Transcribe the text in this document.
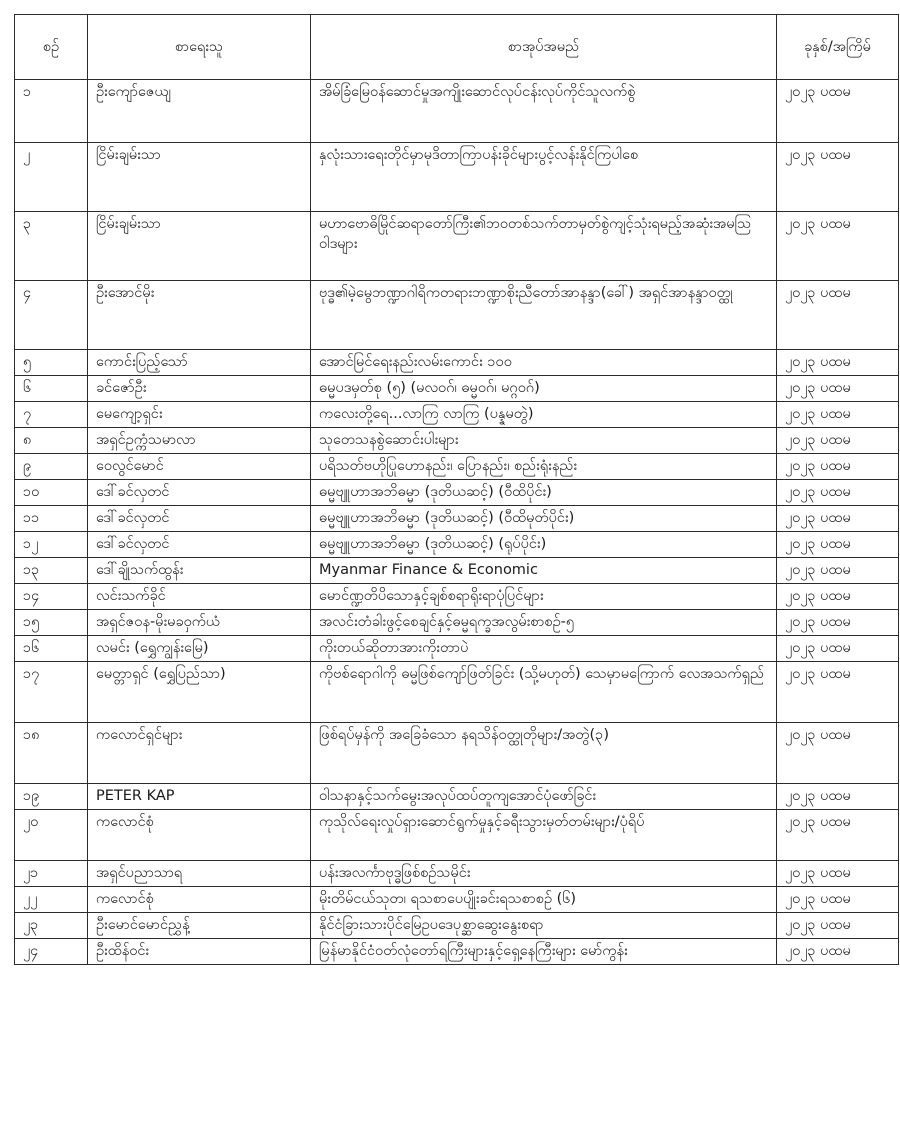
စဉ်	စာရေးသူ	စာအုပ်အမည်	ခုနှစ်/အကြိမ်
၁	ဦးကျော်ဇေယျ	အိမ်ခြံမြေဝန်ဆောင်မှုအကျိုးဆောင်လုပ်ငန်းလုပ်ကိုင်သူလက်စွဲ	၂၀၂၃ ပထမ
၂	ငြိမ်းချမ်းသာ	နှလုံးသားရေးတိုင်မှာမုဒိတာကြာပန်းခိုင်များပွင့်လန်းနိုင်ကြပါစေ	၂၀၂၃ ပထမ
၃	ငြိမ်းချမ်းသာ	မဟာဗောဓိမြိုင်ဆရာတော်ကြီး၏ဘဝတစ်သက်တာမှတ်စွဲကျင့်သုံးရမည့်အဆုံးအမသြဝါဒများ	၂၀၂၃ ပထမ
၄	ဦးအောင်မိုး	ဗုဒ္ဓ၏မဲ့မွေဘဏ္ဍာဂါရိကတရားဘဏ္ဍာစိုးညီတော်အာနန္ဒာ(ခေါ်) အရှင်အာနန္ဒာဝတ္ထု	၂၀၂၃ ပထမ
၅	ကောင်းပြည့်သော်	အောင်မြင်ရေးနည်းလမ်းကောင်း ၁၀၀	၂၀၂၃ ပထမ
၆	ခင်ဇော်ဦး	ဓမ္မပဒမှတ်စု (၅) (မလဝဂ်၊ ဓမ္မဝဂ်၊ မဂ္ဂဝဂ်)	၂၀၂၃ ပထမ
၇	မေကျော့ရှင်း	ကလေးတို့ရေ...လာကြ လာကြ (ပန္နမတွဲ)	၂၀၂၃ ပထမ
၈	အရှင်ဥက္ကံသမာလာ	သုတေသနစွဲဆောင်းပါးများ	၂၀၂၃ ပထမ
၉	ဝေလွင်မောင်	ပရိသတ်ဗဟိုပြုဟောနည်း၊ ပြောနည်း၊ စည်းရုံးနည်း	၂၀၂၃ ပထမ
၁၀	ဒေါ်ခင်လှတင်	ဓမ္မဗျူဟာအဘိဓမ္မာ (ဒုတိယဆင့်) (ဝီထိပိုင်း)	၂၀၂၃ ပထမ
၁၁	ဒေါ်ခင်လှတင်	ဓမ္မဗျူဟာအဘိဓမ္မာ (ဒုတိယဆင့်) (ဝီထိမုတ်ပိုင်း)	၂၀၂၃ ပထမ
၁၂	ဒေါ်ခင်လှတင်	ဓမ္မဗျူဟာအဘိဓမ္မာ (ဒုတိယဆင့်) (ရုပ်ပိုင်း)	၂၀၂၃ ပထမ
၁၃	ဒေါ်ချိုသက်ထွန်း	Myanmar Finance & Economic	၂၀၂၃ ပထမ
၁၄	လင်းသက်ခိုင်	မောင်ဏ္ဍတိပိသောနှင့်ချစ်စရာရိုးရာပုံပြင်များ	၂၀၂၃ ပထမ
၁၅	အရှင်ဇဝန-မိုးမခဝှက်ယံ	အလင်းတံခါးဖွင့်စေချင်နှင့်ဓမ္မရက္ခအလွမ်းစာစဉ်-၅	၂၀၂၃ ပထမ
၁၆	လမင်း (ရွှေကျွန်းမြေ)	ကိုးတယ်ဆိုတာအားကိုးတာပဲ	၂၀၂၃ ပထမ
၁၇	မေတ္တာရှင် (ရွှေပြည်သာ)	ကိုဗစ်ရောဂါကို ဓမ္မဖြစ်ကျော်ဖြတ်ခြင်း (သို့မဟုတ်) သေမှာမကြောက် လေအသက်ရှည်	၂၀၂၃ ပထမ
၁၈	ကလောင်ရှင်များ	ဖြစ်ရပ်မှန်ကို အခြေခံသော နရသိန်ဝတ္ထုတိုများ/အတွဲ(၃)	၂၀၂၃ ပထမ
၁၉	PETER KAP	ဝါသနာနှင့်သက်မွေးအလုပ်ထပ်တူကျအောင်ပုံဖော်ခြင်း	၂၀၂၃ ပထမ
၂၀	ကလောင်စုံ	ကုသိုလ်ရေးလှုပ်ရှားဆောင်ရွက်မှုနှင့်ခရီးသွားမှတ်တမ်းများ/ပုံရိပ်	၂၀၂၃ ပထမ
၂၁	အရှင်ပညာသာရ	ပန်းအလင်္ကာဗုဒ္ဓဖြစ်စဉ်သမိုင်း	၂၀၂၃ ပထမ
၂၂	ကလောင်စုံ	မိုးတိမ်ငယ်သုတ၊ ရသစာပေပျိုးခင်းရသစာစဉ် (၆)	၂၀၂၃ ပထမ
၂၃	ဦးမောင်မောင်ညွှန့်	နိုင်ငံခြားသားပိုင်မြေဥပဒေပုစ္ဆာဆွေးနွေးစရာ	၂၀၂၃ ပထမ
၂၄	ဦးထိန်ဝင်း	မြန်မာနိုင်ငံဝတ်လုံတော်ရကြီးများနှင့်ရှေ့နေကြီးများ မော်ကွန်း	၂၀၂၃ ပထမ
